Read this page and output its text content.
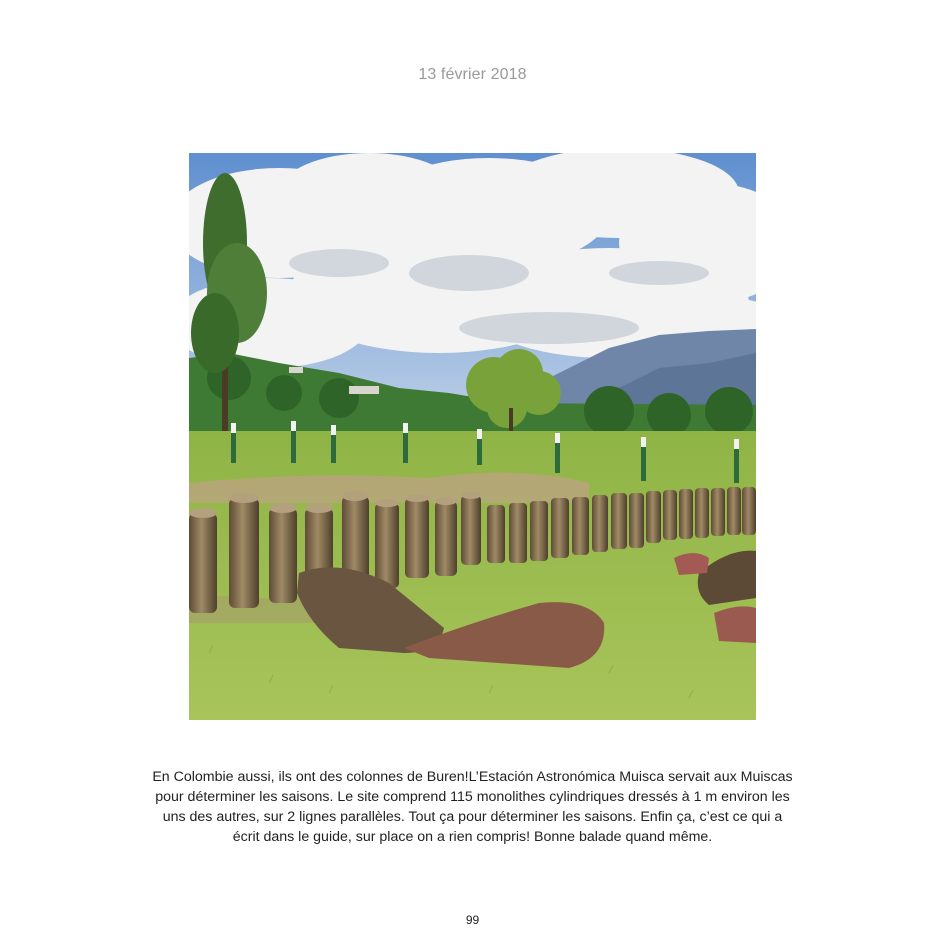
13 février 2018
En Colombie aussi, ils ont des colonnes de Buren!L’Estación Astronómica Muisca servait aux Muiscas pour déterminer les saisons. Le site comprend 115 monolithes cylindriques dressés à 1 m environ les uns des autres, sur 2 lignes parallèles. Tout ça pour déterminer les saisons. Enfin ça, c’est ce qui a écrit dans le guide, sur place on a rien compris! Bonne balade quand même.
99
